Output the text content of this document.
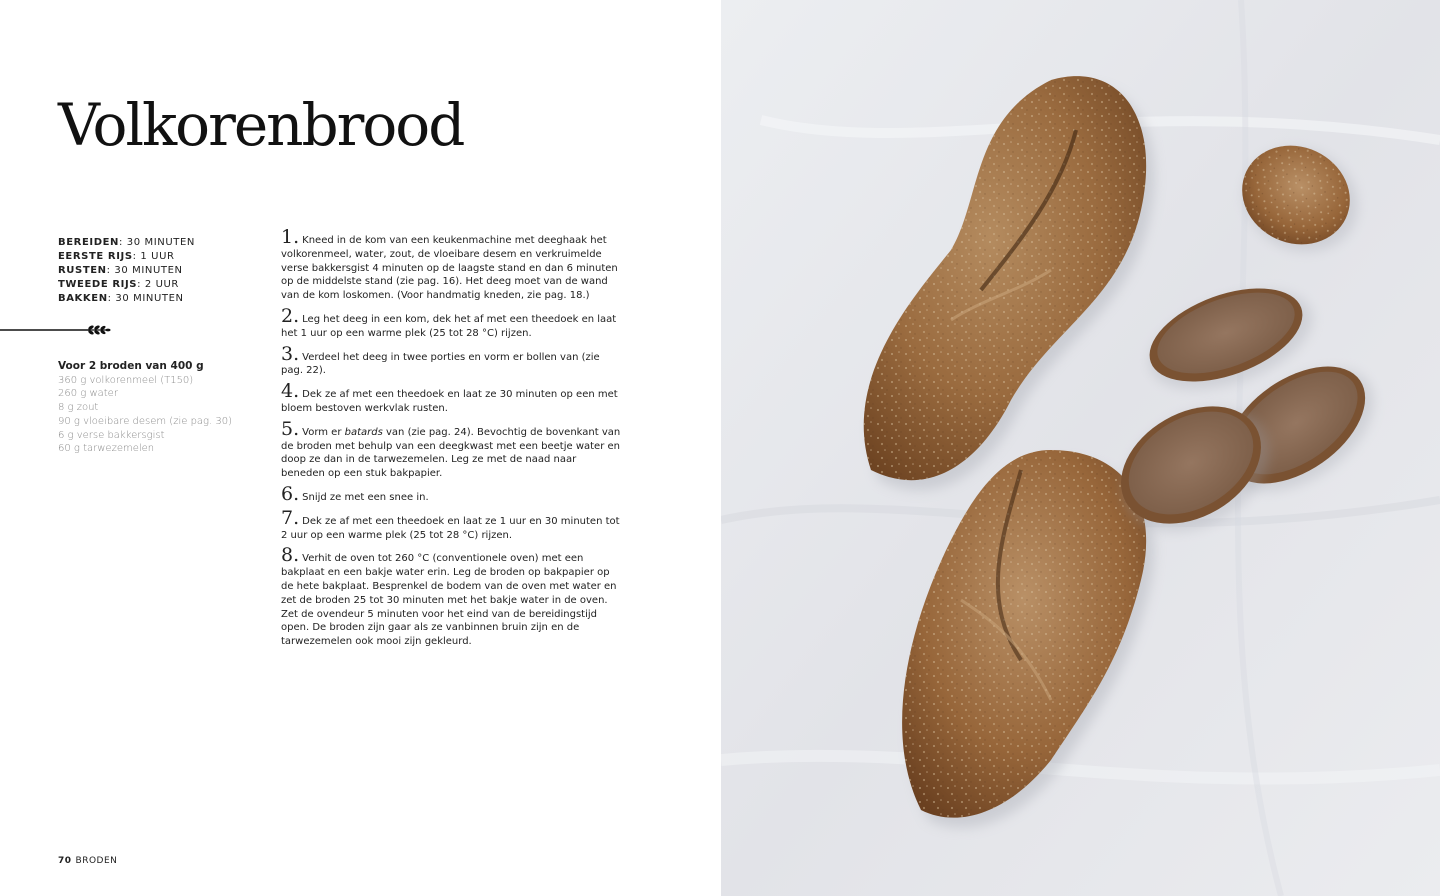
Volkorenbrood
BEREIDEN: 30 MINUTEN
EERSTE RIJS: 1 UUR
RUSTEN: 30 MINUTEN
TWEEDE RIJS: 2 UUR
BAKKEN: 30 MINUTEN
Voor 2 broden van 400 g
360 g volkorenmeel (T150)
260 g water
8 g zout
90 g vloeibare desem (zie pag. 30)
6 g verse bakkersgist
60 g tarwezemelen

1. Kneed in de kom van een keukenmachine met deeghaak het volkorenmeel, water, zout, de vloeibare desem en verkruimelde verse bakkersgist 4 minuten op de laagste stand en dan 6 minuten op de middelste stand (zie pag. 16). Het deeg moet van de wand van de kom loskomen. (Voor handmatig kneden, zie pag. 18.)

2. Leg het deeg in een kom, dek het af met een theedoek en laat het 1 uur op een warme plek (25 tot 28 °C) rijzen.

3. Verdeel het deeg in twee porties en vorm er bollen van (zie pag. 22).

4. Dek ze af met een theedoek en laat ze 30 minuten op een met bloem bestoven werkvlak rusten.

5. Vorm er batards van (zie pag. 24). Bevochtig de bovenkant van de broden met behulp van een deegkwast met een beetje water en doop ze dan in de tarwezemelen. Leg ze met de naad naar beneden op een stuk bakpapier.

6. Snijd ze met een snee in.

7. Dek ze af met een theedoek en laat ze 1 uur en 30 minuten tot 2 uur op een warme plek (25 tot 28 °C) rijzen.

8. Verhit de oven tot 260 °C (conventionele oven) met een bakplaat en een bakje water erin. Leg de broden op bakpapier op de hete bakplaat. Besprenkel de bodem van de oven met water en zet de broden 25 tot 30 minuten met het bakje water in de oven. Zet de ovendeur 5 minuten voor het eind van de bereidingstijd open. De broden zijn gaar als ze vanbinnen bruin zijn en de tarwezemelen ook mooi zijn gekleurd.

70 BRODEN
